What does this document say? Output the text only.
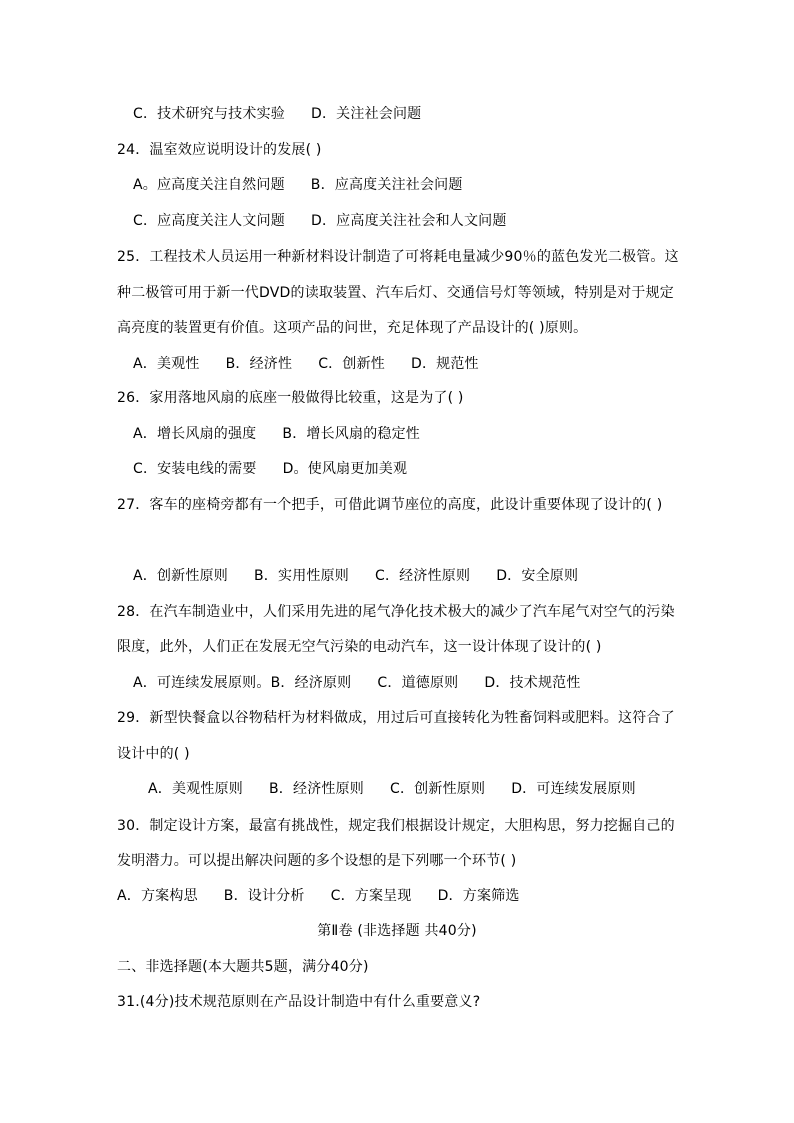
C．技术研究与技术实验 D．关注社会问题
24．温室效应说明设计的发展( )
A。应高度关注自然问题 B．应高度关注社会问题
C．应高度关注人文问题 D．应高度关注社会和人文问题
25．工程技术人员运用一种新材料设计制造了可将耗电量减少90％的蓝色发光二极管。这
种二极管可用于新一代DVD的读取装置、汽车后灯、交通信号灯等领域，特别是对于规定
高亮度的装置更有价值。这项产品的问世，充足体现了产品设计的( )原则。
A．美观性 B．经济性 C．创新性 D．规范性
26．家用落地风扇的底座一般做得比较重，这是为了( )
A．增长风扇的强度 B．增长风扇的稳定性
C．安装电线的需要 D。使风扇更加美观
27．客车的座椅旁都有一个把手，可借此调节座位的高度，此设计重要体现了设计的( )
A．创新性原则 B．实用性原则 C．经济性原则 D．安全原则
28．在汽车制造业中，人们采用先进的尾气净化技术极大的减少了汽车尾气对空气的污染
限度，此外，人们正在发展无空气污染的电动汽车，这一设计体现了设计的( )
A．可连续发展原则。B．经济原则 C．道德原则 D．技术规范性
29．新型快餐盒以谷物秸杆为材料做成，用过后可直接转化为牲畜饲料或肥料。这符合了
设计中的( )
A．美观性原则 B．经济性原则 C．创新性原则 D．可连续发展原则
30．制定设计方案，最富有挑战性，规定我们根据设计规定，大胆构思，努力挖掘自己的
发明潜力。可以提出解决问题的多个设想的是下列哪一个环节( )
A．方案构思 B．设计分析 C．方案呈现 D．方案筛选
第Ⅱ卷 (非选择题 共40分)
二、非选择题(本大题共5题，满分40分)
31.(4分)技术规范原则在产品设计制造中有什么重要意义?
